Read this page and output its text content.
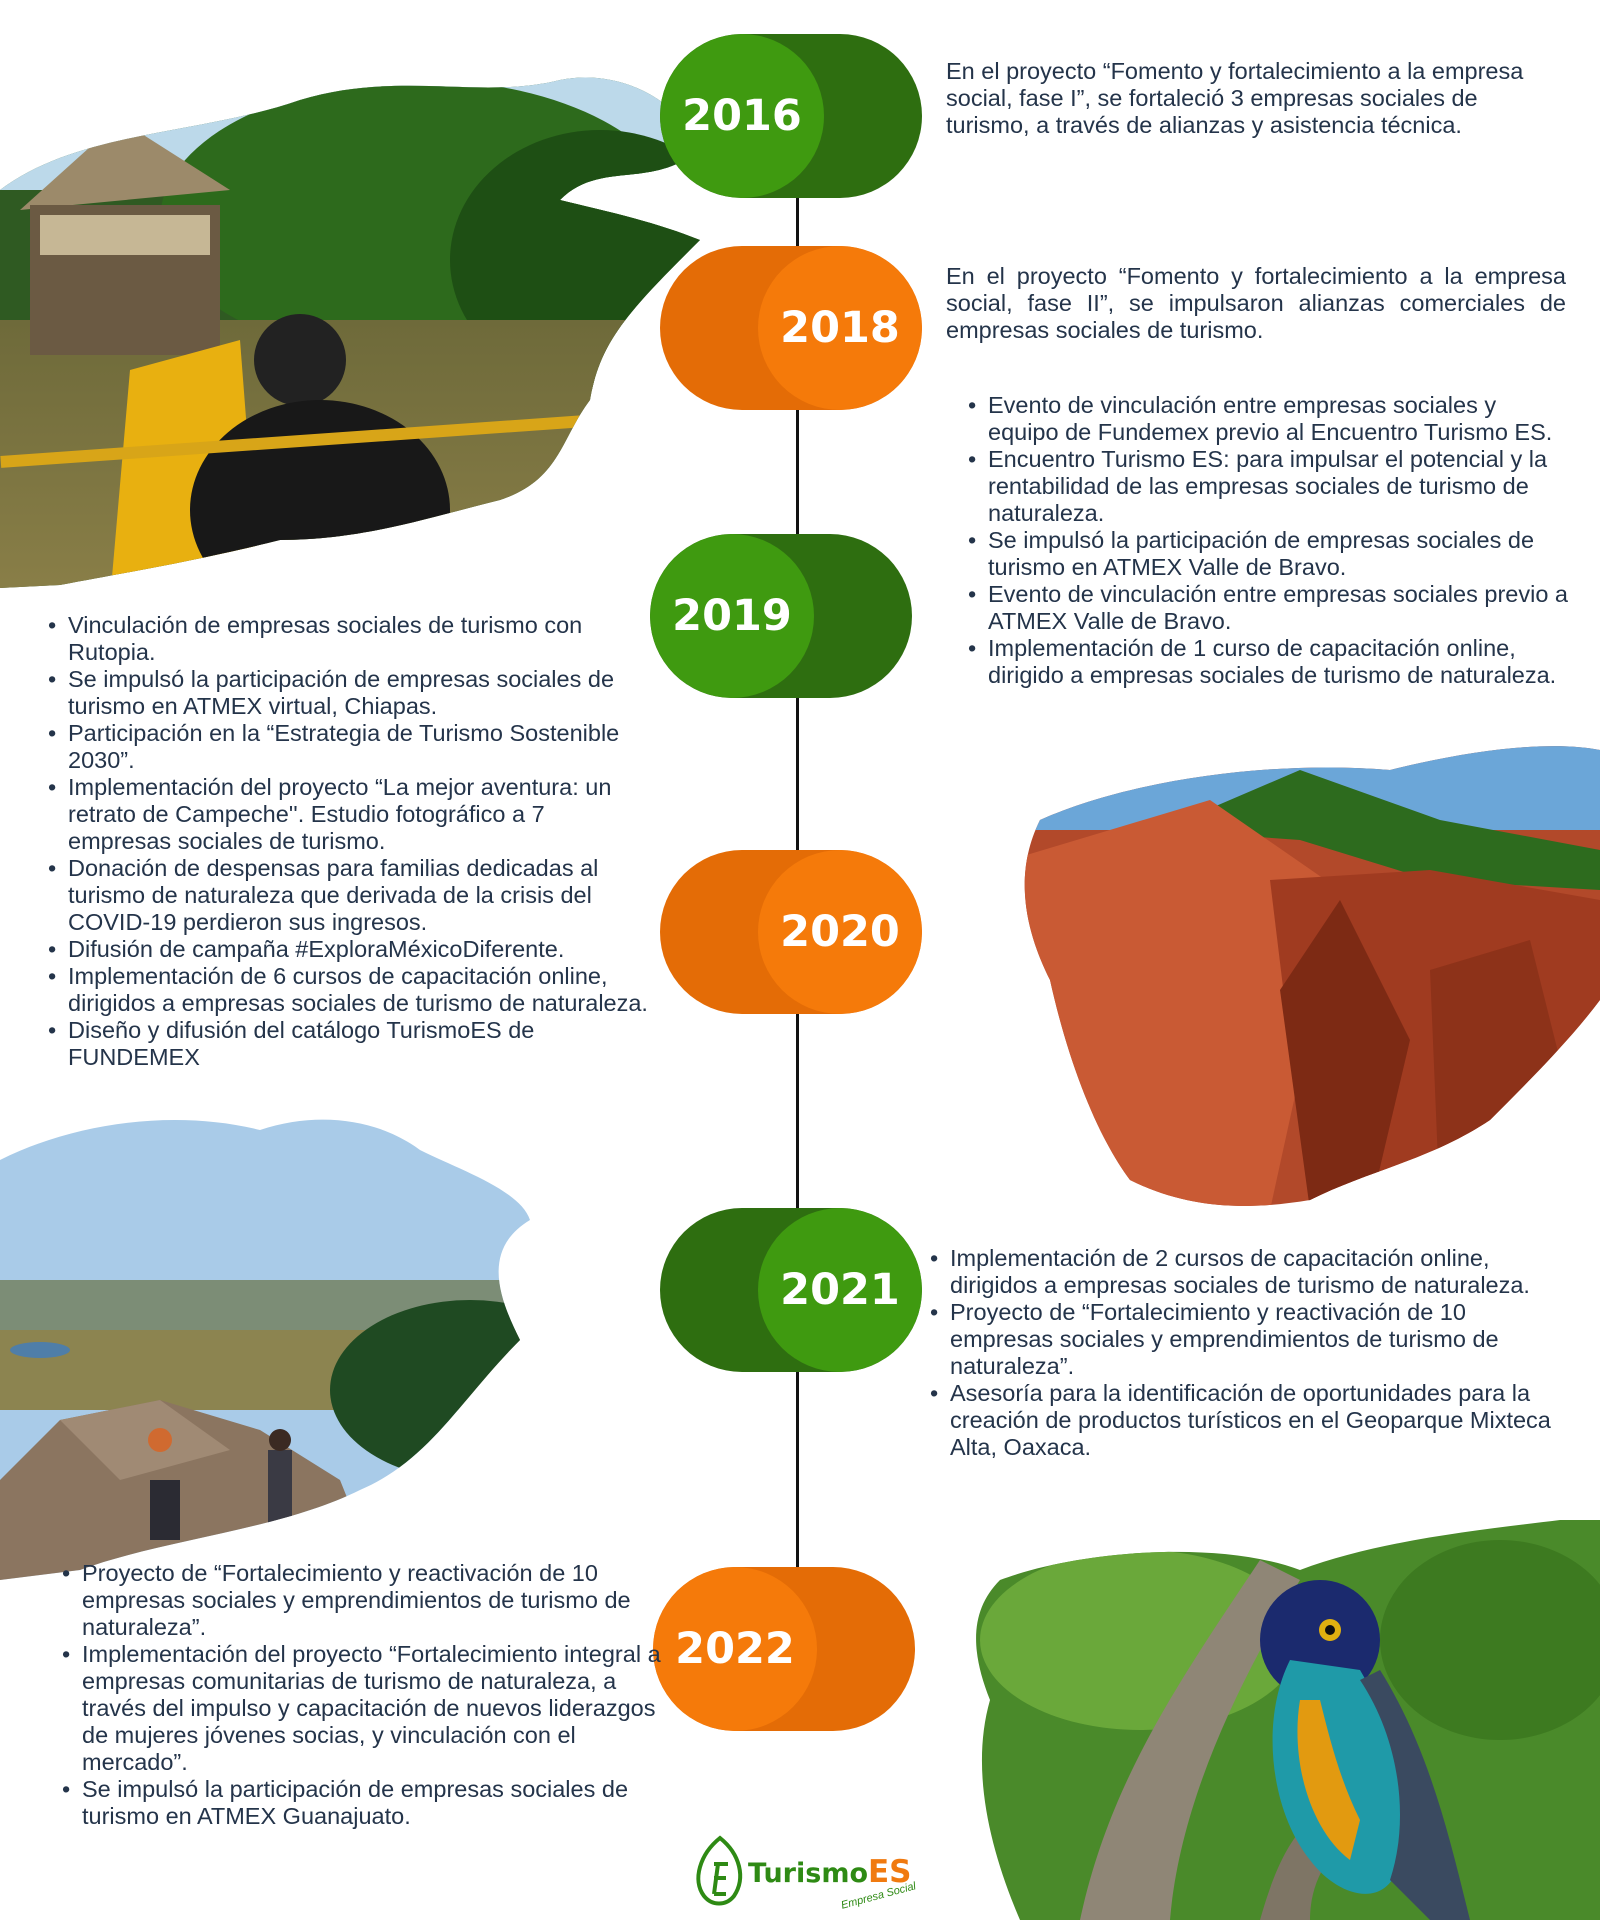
2016
2018
2019
2020
2021
2022

En el proyecto “Fomento y fortalecimiento a la empresa social, fase I”, se fortaleció 3 empresas sociales de turismo, a través de alianzas y asistencia técnica.

En el proyecto “Fomento y fortalecimiento a la empresa social, fase II”, se impulsaron alianzas comerciales de empresas sociales de turismo.

• Evento de vinculación entre empresas sociales y equipo de Fundemex previo al Encuentro Turismo ES.
• Encuentro Turismo ES: para impulsar el potencial y la rentabilidad de las empresas sociales de turismo de naturaleza.
• Se impulsó la participación de empresas sociales de turismo en ATMEX Valle de Bravo.
• Evento de vinculación entre empresas sociales previo a ATMEX Valle de Bravo.
• Implementación de 1 curso de capacitación online, dirigido a empresas sociales de turismo de naturaleza.
• Vinculación de empresas sociales de turismo con Rutopia.
• Se impulsó la participación de empresas sociales de turismo en ATMEX virtual, Chiapas.
• Participación en la “Estrategia de Turismo Sostenible 2030”.
• Implementación del proyecto “La mejor aventura: un retrato de Campeche''. Estudio fotográfico a 7 empresas sociales de turismo.
• Donación de despensas para familias dedicadas al turismo de naturaleza que derivada de la crisis del COVID-19 perdieron sus ingresos.
• Difusión de campaña #ExploraMéxicoDiferente.
• Implementación de 6 cursos de capacitación online, dirigidos a empresas sociales de turismo de naturaleza.
• Diseño y difusión del catálogo TurismoES de FUNDEMEX
• Implementación de 2 cursos de capacitación online, dirigidos a empresas sociales de turismo de naturaleza.
• Proyecto de “Fortalecimiento y reactivación de 10 empresas sociales y emprendimientos de turismo de naturaleza”.
• Asesoría para la identificación de oportunidades para la creación de productos turísticos en el Geoparque Mixteca Alta, Oaxaca.
• Proyecto de “Fortalecimiento y reactivación de 10 empresas sociales y emprendimientos de turismo de naturaleza”.
• Implementación del proyecto “Fortalecimiento integral a empresas comunitarias de turismo de naturaleza, a través del impulso y capacitación de nuevos liderazgos de mujeres jóvenes socias, y vinculación con el mercado”.
• Se impulsó la participación de empresas sociales de turismo en ATMEX Guanajuato.
TurismoES
Empresa Social
